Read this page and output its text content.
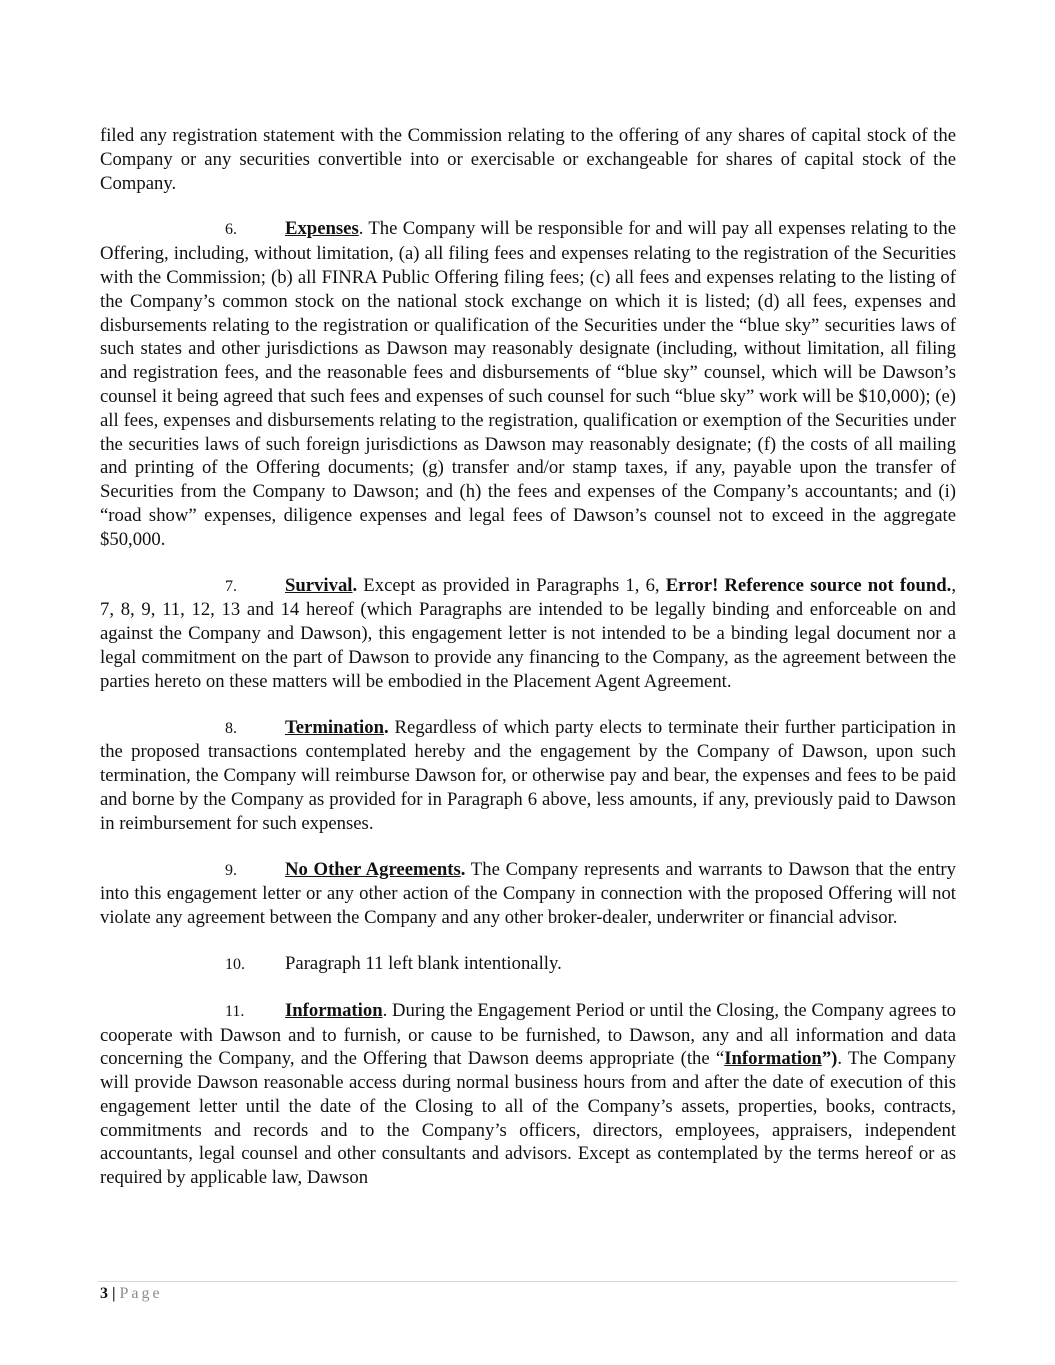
filed any registration statement with the Commission relating to the offering of any shares of capital stock of the Company or any securities convertible into or exercisable or exchangeable for shares of capital stock of the Company.

6.	Expenses. The Company will be responsible for and will pay all expenses relating to the Offering, including, without limitation, (a) all filing fees and expenses relating to the registration of the Securities with the Commission; (b) all FINRA Public Offering filing fees; (c) all fees and expenses relating to the listing of the Company’s common stock on the national stock exchange on which it is listed; (d) all fees, expenses and disbursements relating to the registration or qualification of the Securities under the “blue sky” securities laws of such states and other jurisdictions as Dawson may reasonably designate (including, without limitation, all filing and registration fees, and the reasonable fees and disbursements of “blue sky” counsel, which will be Dawson’s counsel it being agreed that such fees and expenses of such counsel for such “blue sky” work will be $10,000); (e) all fees, expenses and disbursements relating to the registration, qualification or exemption of the Securities under the securities laws of such foreign jurisdictions as Dawson may reasonably designate; (f) the costs of all mailing and printing of the Offering documents; (g) transfer and/or stamp taxes, if any, payable upon the transfer of Securities from the Company to Dawson; and (h) the fees and expenses of the Company’s accountants; and (i) “road show” expenses, diligence expenses and legal fees of Dawson’s counsel not to exceed in the aggregate $50,000.

7.	Survival. Except as provided in Paragraphs 1, 6, Error! Reference source not found., 7, 8, 9, 11, 12, 13 and 14 hereof (which Paragraphs are intended to be legally binding and enforceable on and against the Company and Dawson), this engagement letter is not intended to be a binding legal document nor a legal commitment on the part of Dawson to provide any financing to the Company, as the agreement between the parties hereto on these matters will be embodied in the Placement Agent Agreement.

8.	Termination. Regardless of which party elects to terminate their further participation in the proposed transactions contemplated hereby and the engagement by the Company of Dawson, upon such termination, the Company will reimburse Dawson for, or otherwise pay and bear, the expenses and fees to be paid and borne by the Company as provided for in Paragraph 6 above, less amounts, if any, previously paid to Dawson in reimbursement for such expenses.

9.	No Other Agreements. The Company represents and warrants to Dawson that the entry into this engagement letter or any other action of the Company in connection with the proposed Offering will not violate any agreement between the Company and any other broker-dealer, underwriter or financial advisor.

10. Paragraph 11 left blank intentionally.

11. Information. During the Engagement Period or until the Closing, the Company agrees to cooperate with Dawson and to furnish, or cause to be furnished, to Dawson, any and all information and data concerning the Company, and the Offering that Dawson deems appropriate (the “Information”). The Company will provide Dawson reasonable access during normal business hours from and after the date of execution of this engagement letter until the date of the Closing to all of the Company’s assets, properties, books, contracts, commitments and records and to the Company’s officers, directors, employees, appraisers, independent accountants, legal counsel and other consultants and advisors. Except as contemplated by the terms hereof or as required by applicable law, Dawson

3 | Page
